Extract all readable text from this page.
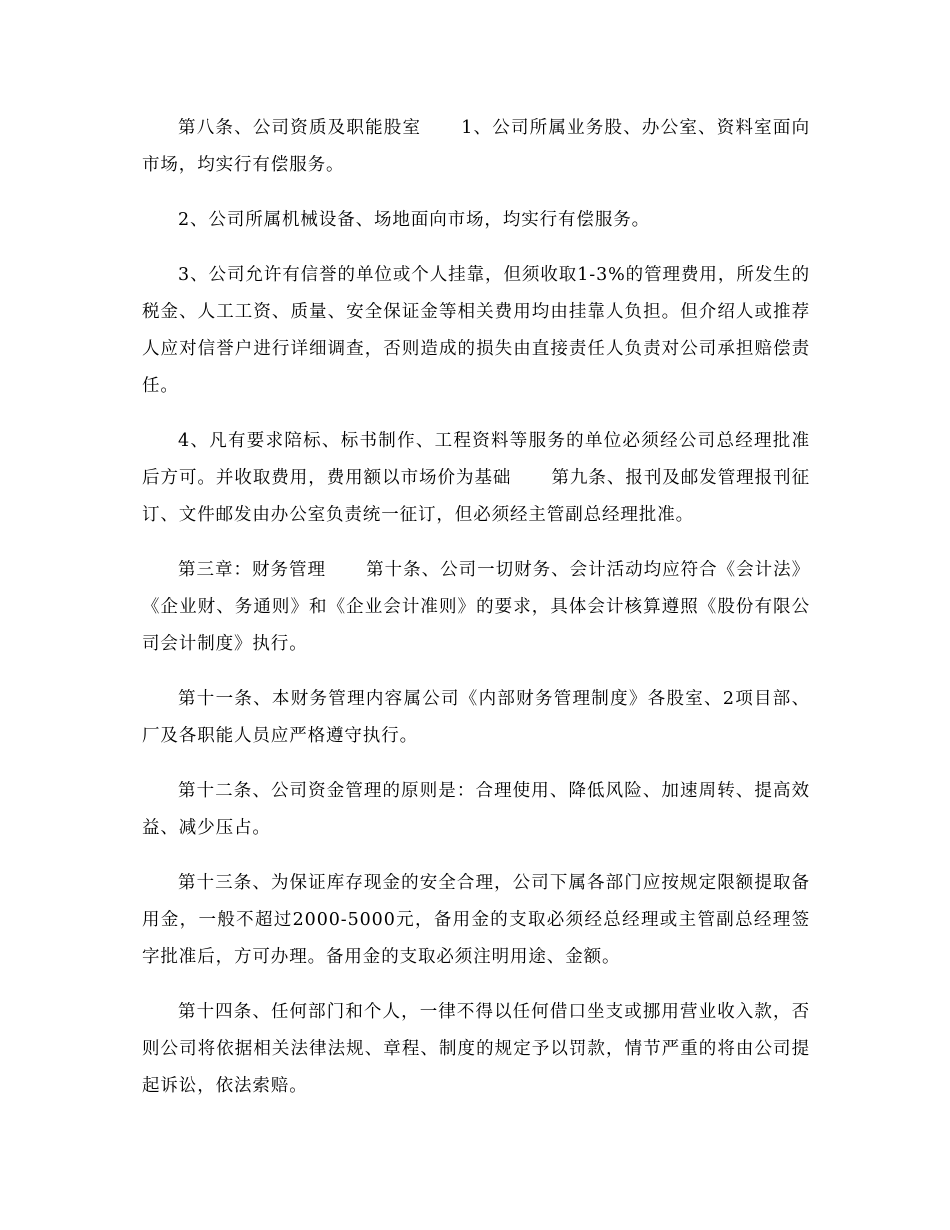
第八条、公司资质及职能股室 1、公司所属业务股、办公室、资料室面向市场，均实行有偿服务。

2、公司所属机械设备、场地面向市场，均实行有偿服务。

3、公司允许有信誉的单位或个人挂靠，但须收取1-3%的管理费用，所发生的税金、人工工资、质量、安全保证金等相关费用均由挂靠人负担。但介绍人或推荐人应对信誉户进行详细调查，否则造成的损失由直接责任人负责对公司承担赔偿责任。

4、凡有要求陪标、标书制作、工程资料等服务的单位必须经公司总经理批准后方可。并收取费用，费用额以市场价为基础 第九条、报刊及邮发管理报刊征订、文件邮发由办公室负责统一征订，但必须经主管副总经理批准。

第三章：财务管理 第十条、公司一切财务、会计活动均应符合《会计法》《企业财、务通则》和《企业会计准则》的要求，具体会计核算遵照《股份有限公司会计制度》执行。

第十一条、本财务管理内容属公司《内部财务管理制度》各股室、2项目部、厂及各职能人员应严格遵守执行。

第十二条、公司资金管理的原则是：合理使用、降低风险、加速周转、提高效益、减少压占。

第十三条、为保证库存现金的安全合理，公司下属各部门应按规定限额提取备用金，一般不超过2000-5000元，备用金的支取必须经总经理或主管副总经理签字批准后，方可办理。备用金的支取必须注明用途、金额。

第十四条、任何部门和个人，一律不得以任何借口坐支或挪用营业收入款，否则公司将依据相关法律法规、章程、制度的规定予以罚款，情节严重的将由公司提起诉讼，依法索赔。
